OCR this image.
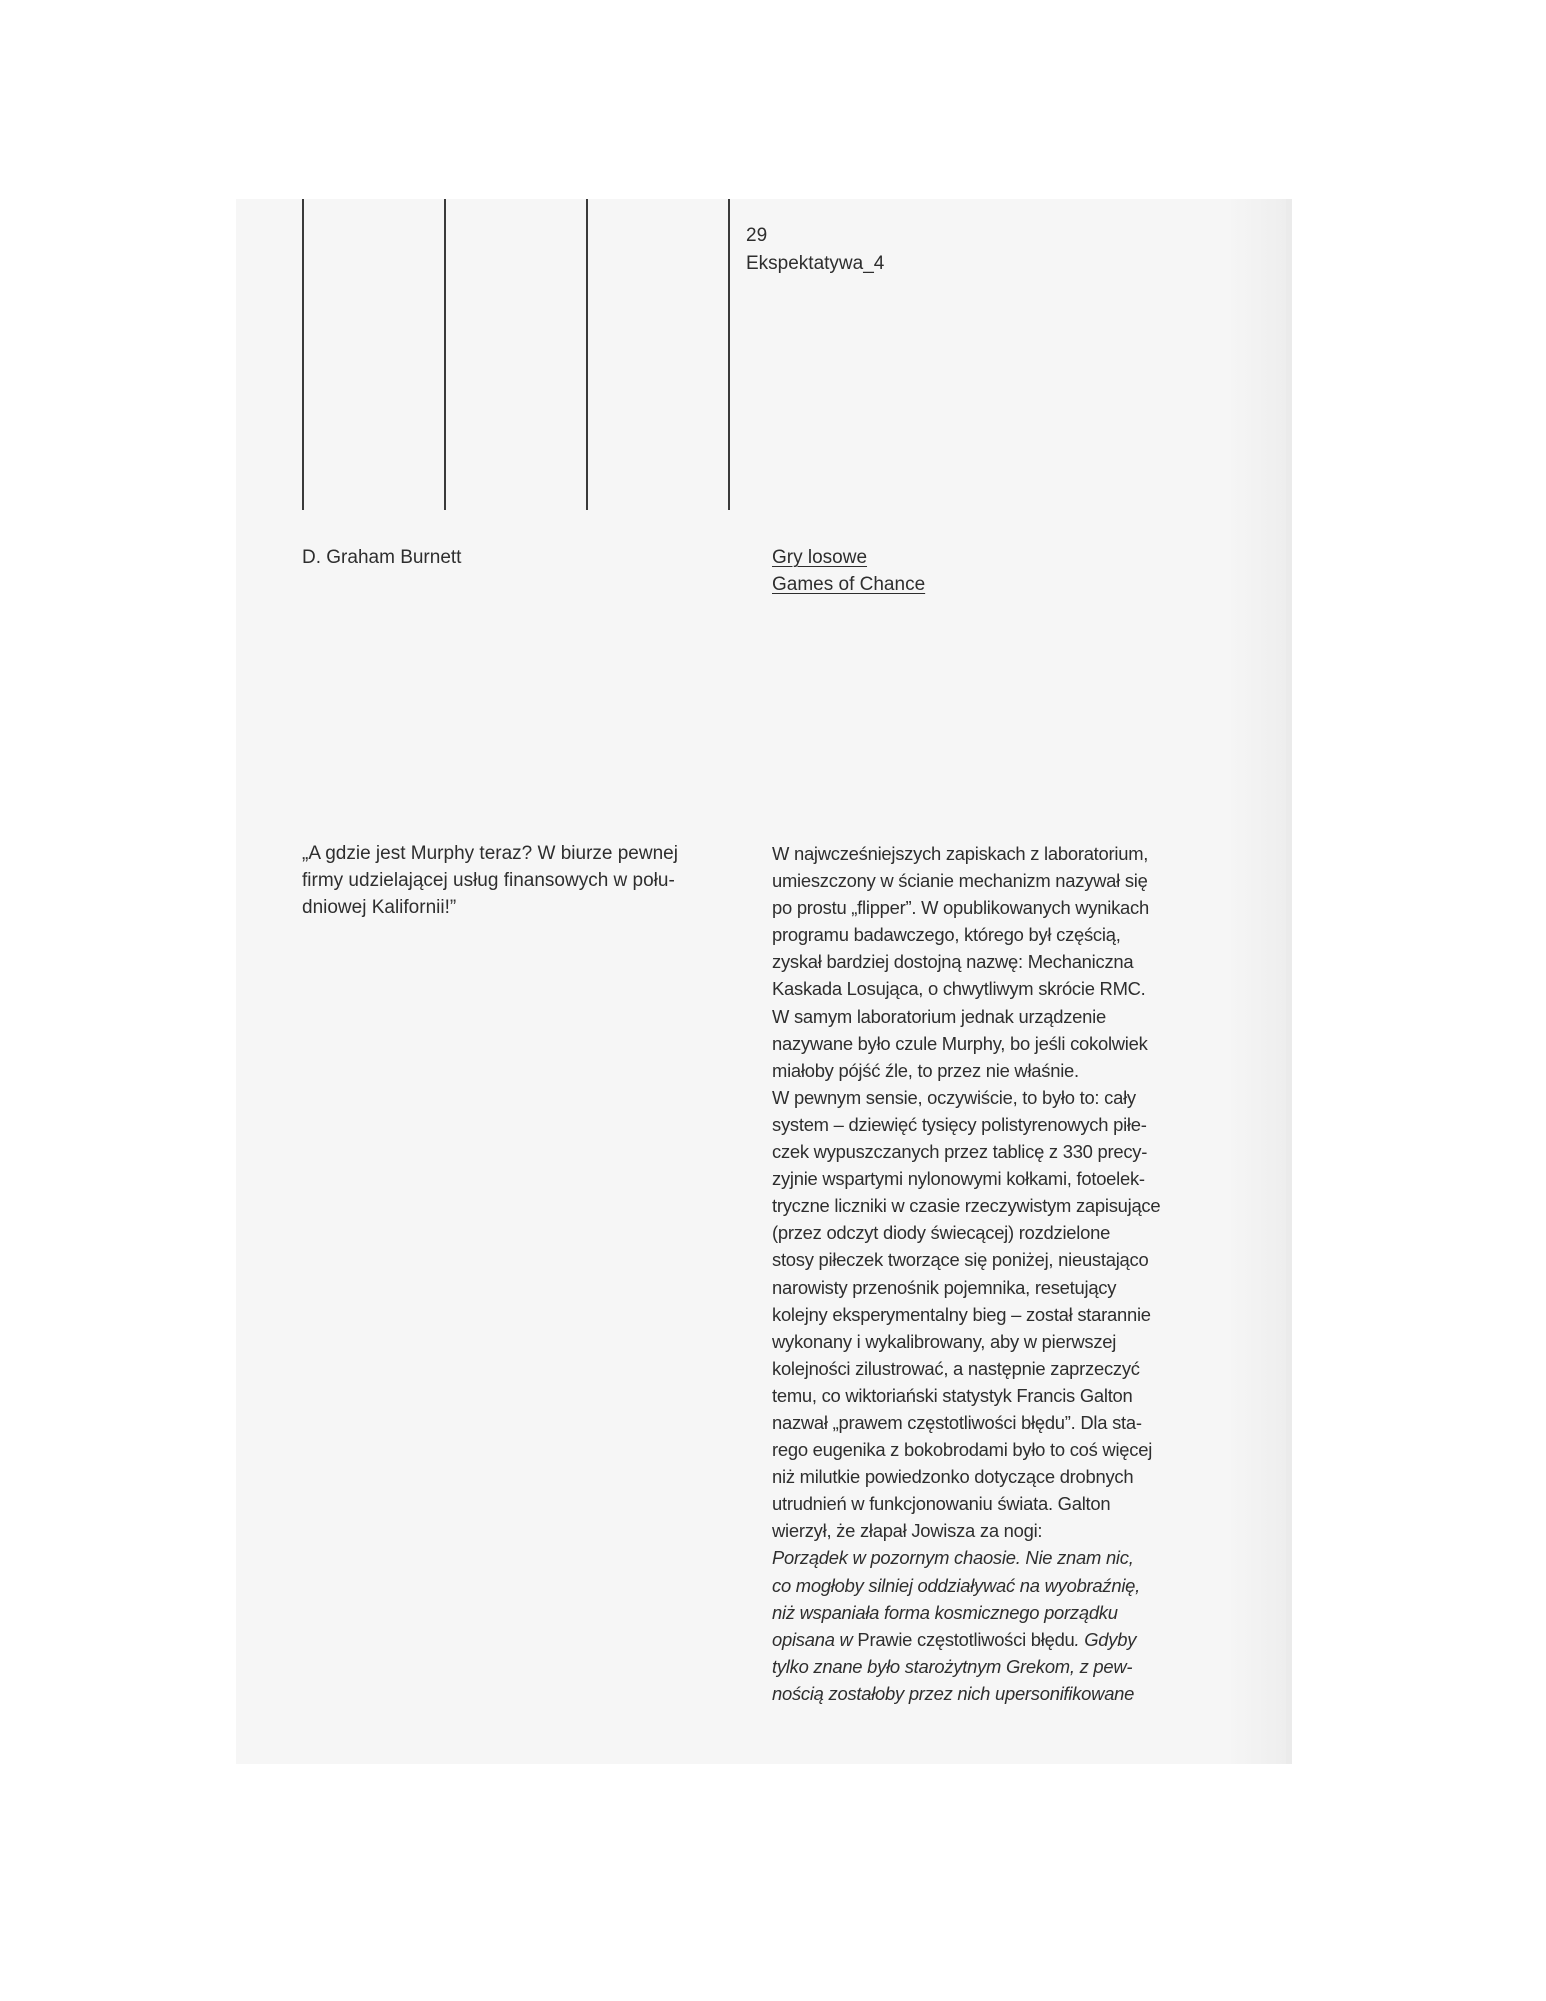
29

Ekspektatywa_4

D. Graham Burnett	Gry losowe
Games of Chance
„A gdzie jest Murphy teraz? W biurze pewnej
firmy udzielającej usług finansowych w połu-
dniowej Kalifornii!”
W najwcześniejszych zapiskach z laboratorium,
umieszczony w ścianie mechanizm nazywał się
po prostu „flipper”. W opublikowanych wynikach
programu badawczego, którego był częścią,
zyskał bardziej dostojną nazwę: Mechaniczna
Kaskada Losująca, o chwytliwym skrócie RMC.
W samym laboratorium jednak urządzenie
nazywane było czule Murphy, bo jeśli cokolwiek
miałoby pójść źle, to przez nie właśnie.
W pewnym sensie, oczywiście, to było to: cały
system – dziewięć tysięcy polistyrenowych piłe-
czek wypuszczanych przez tablicę z 330 precy-
zyjnie wspartymi nylonowymi kołkami, fotoelek-
tryczne liczniki w czasie rzeczywistym zapisujące
(przez odczyt diody świecącej) rozdzielone
stosy piłeczek tworzące się poniżej, nieustająco
narowisty przenośnik pojemnika, resetujący
kolejny eksperymentalny bieg – został starannie
wykonany i wykalibrowany, aby w pierwszej
kolejności zilustrować, a następnie zaprzeczyć
temu, co wiktoriański statystyk Francis Galton
nazwał „prawem częstotliwości błędu”. Dla sta-
rego eugenika z bokobrodami było to coś więcej
niż milutkie powiedzonko dotyczące drobnych
utrudnień w funkcjonowaniu świata. Galton
wierzył, że złapał Jowisza za nogi:
Porządek w pozornym chaosie. Nie znam nic,
co mogłoby silniej oddziaływać na wyobraźnię,
niż wspaniała forma kosmicznego porządku
opisana w Prawie częstotliwości błędu. Gdyby
tylko znane było starożytnym Grekom, z pew-
nością zostałoby przez nich upersonifikowane
